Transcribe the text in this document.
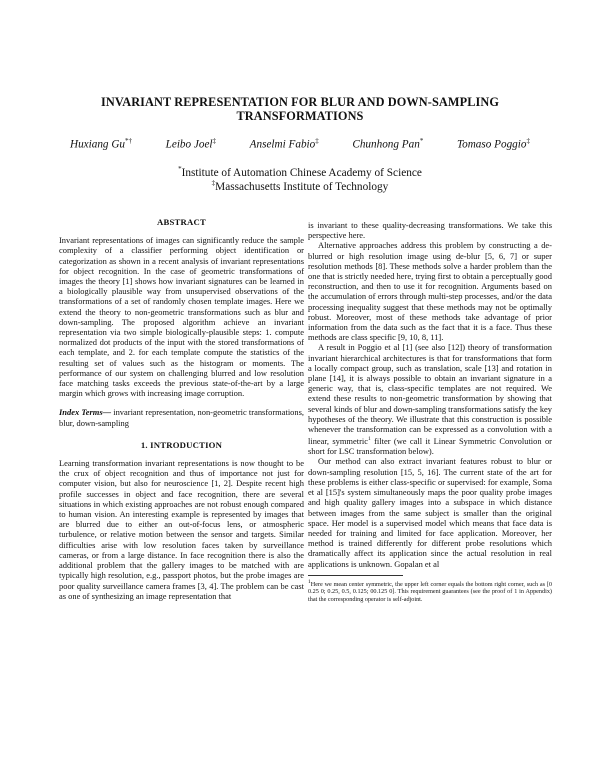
INVARIANT REPRESENTATION FOR BLUR AND DOWN-SAMPLING
TRANSFORMATIONS
Huxiang Gu*†	Leibo Joel‡	Anselmi Fabio‡	Chunhong Pan*	Tomaso Poggio‡
*Institute of Automation Chinese Academy of Science
‡Massachusetts Institute of Technology
ABSTRACT

Invariant representations of images can significantly reduce the sample complexity of a classifier performing object identification or categorization as shown in a recent analysis of invariant representations for object recognition. In the case of geometric transformations of images the theory [1] shows how invariant signatures can be learned in a biologically plausible way from unsupervised observations of the transformations of a set of randomly chosen template images. Here we extend the theory to non-geometric transformations such as blur and down-sampling. The proposed algorithm achieve an invariant representation via two simple biologically-plausible steps: 1. compute normalized dot products of the input with the stored transformations of each template, and 2. for each template compute the statistics of the resulting set of values such as the histogram or moments. The performance of our system on challenging blurred and low resolution face matching tasks exceeds the previous state-of-the-art by a large margin which grows with increasing image corruption.

Index Terms— invariant representation, non-geometric transformations, blur, down-sampling

1. INTRODUCTION

Learning transformation invariant representations is now thought to be the crux of object recognition and thus of importance not just for computer vision, but also for neuroscience [1, 2]. Despite recent high profile successes in object and face recognition, there are several situations in which existing approaches are not robust enough compared to human vision. An interesting example is represented by images that are blurred due to either an out-of-focus lens, or atmospheric turbulence, or relative motion between the sensor and targets. Similar difficulties arise with low resolution faces taken by surveillance cameras, or from a large distance. In face recognition there is also the additional problem that the gallery images to be matched with are typically high resolution, e.g., passport photos, but the probe images are poor quality surveillance camera frames [3, 4]. The problem can be cast as one of synthesizing an image representation that

is invariant to these quality-decreasing transformations. We take this perspective here.

Alternative approaches address this problem by constructing a de-blurred or high resolution image using de-blur [5, 6, 7] or super resolution methods [8]. These methods solve a harder problem than the one that is strictly needed here, trying first to obtain a perceptually good reconstruction, and then to use it for recognition. Arguments based on the accumulation of errors through multi-step processes, and/or the data processing inequality suggest that these methods may not be optimally robust. Moreover, most of these methods take advantage of prior information from the data such as the fact that it is a face. Thus these methods are class specific [9, 10, 8, 11].

A result in Poggio et al [1] (see also [12]) theory of transformation invariant hierarchical architectures is that for transformations that form a locally compact group, such as translation, scale [13] and rotation in plane [14], it is always possible to obtain an invariant signature in a generic way, that is, class-specific templates are not required. We extend these results to non-geometric transformation by showing that several kinds of blur and down-sampling transformations satisfy the key hypotheses of the theory. We illustrate that this construction is possible whenever the transformation can be expressed as a convolution with a linear, symmetric$^1$ filter (we call it Linear Symmetric Convolution or short for LSC transformation below).

Our method can also extract invariant features robust to blur or down-sampling resolution [15, 5, 16]. The current state of the art for these problems is either class-specific or supervised: for example, Soma et al [15]'s system simultaneously maps the poor quality probe images and high quality gallery images into a subspace in which distance between images from the same subject is smaller than the original space. Her model is a supervised model which means that face data is needed for training and limited for face application. Moreover, her method is trained differently for different probe resolutions which dramatically affect its application since the actual resolution in real applications is unknown. Gopalan et al

$^1$Here we mean center symmetric, the upper left corner equals the bottom right corner, such as [0 0.25 0; 0.25, 0.5, 0.125; 00.125 0]. This requirement guarantees (see the proof of 1 in Appendix) that the corresponding operator is self-adjoint.
